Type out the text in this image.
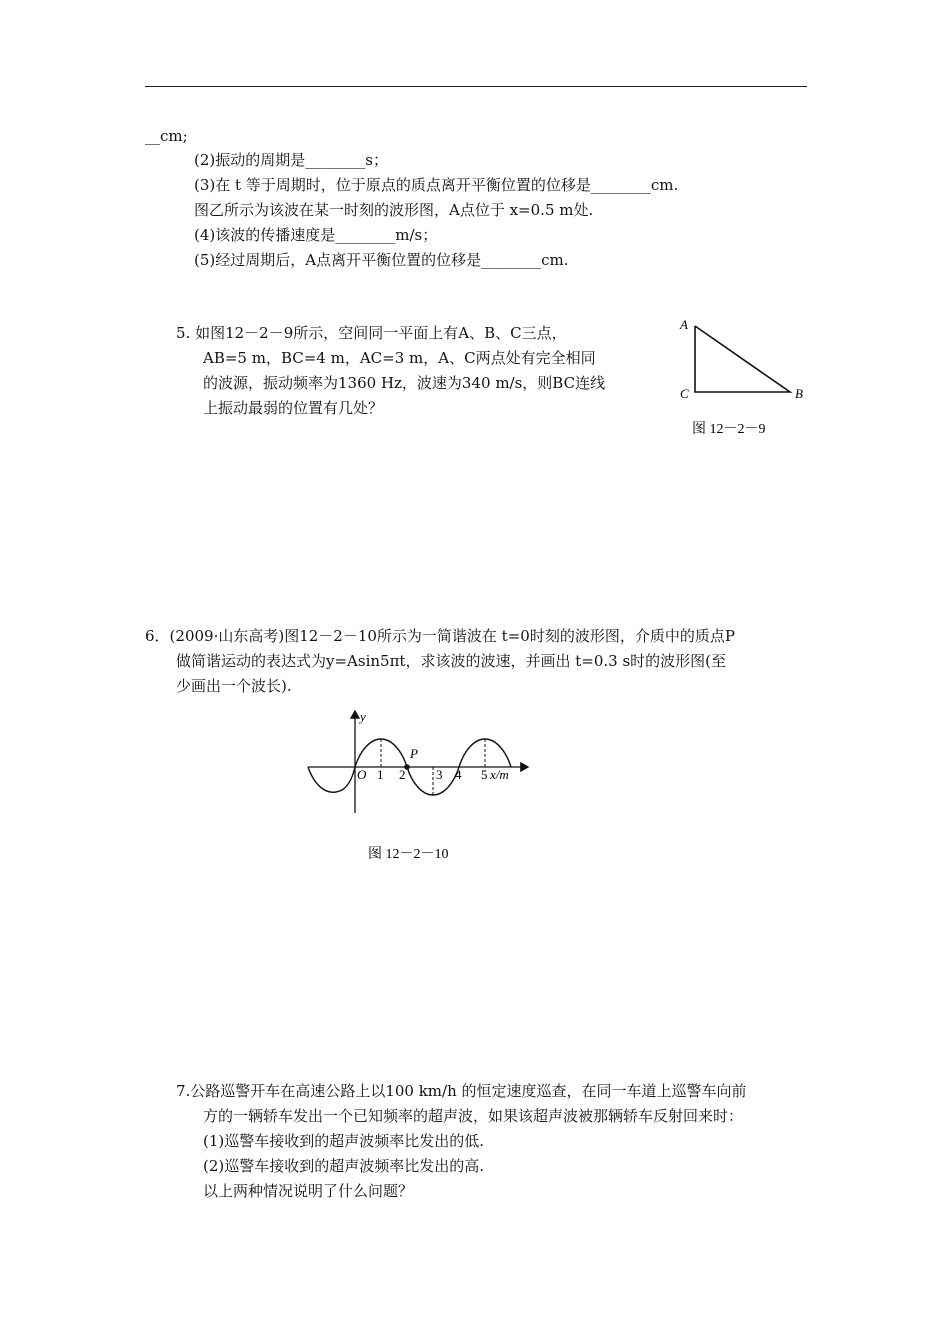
__cm;
(2)振动的周期是________s；
(3)在 t 等于周期时，位于原点的质点离开平衡位置的位移是________cm.
图乙所示为该波在某一时刻的波形图，A点位于 x=0.5 m处.
(4)该波的传播速度是________m/s；
(5)经过周期后，A点离开平衡位置的位移是________cm.
5. 如图12－2－9所示，空间同一平面上有A、B、C三点，
AB=5 m，BC=4 m，AC=3 m，A、C两点处有完全相同
的波源，振动频率为1360 Hz，波速为340 m/s，则BC连线
上振动最弱的位置有几处？
A
C	B
图 12－2－9
6．(2009·山东高考)图12－2－10所示为一简谐波在 t=0时刻的波形图，介质中的质点P
做简谐运动的表达式为y=Asin5πt，求该波的波速，并画出 t=0.3 s时的波形图(至
少画出一个波长).
P
y
O 1 2 3 4 5 x/m
图 12－2－10
7.公路巡警开车在高速公路上以100 km/h 的恒定速度巡查，在同一车道上巡警车向前
方的一辆轿车发出一个已知频率的超声波，如果该超声波被那辆轿车反射回来时：
(1)巡警车接收到的超声波频率比发出的低.
(2)巡警车接收到的超声波频率比发出的高.
以上两种情况说明了什么问题？
